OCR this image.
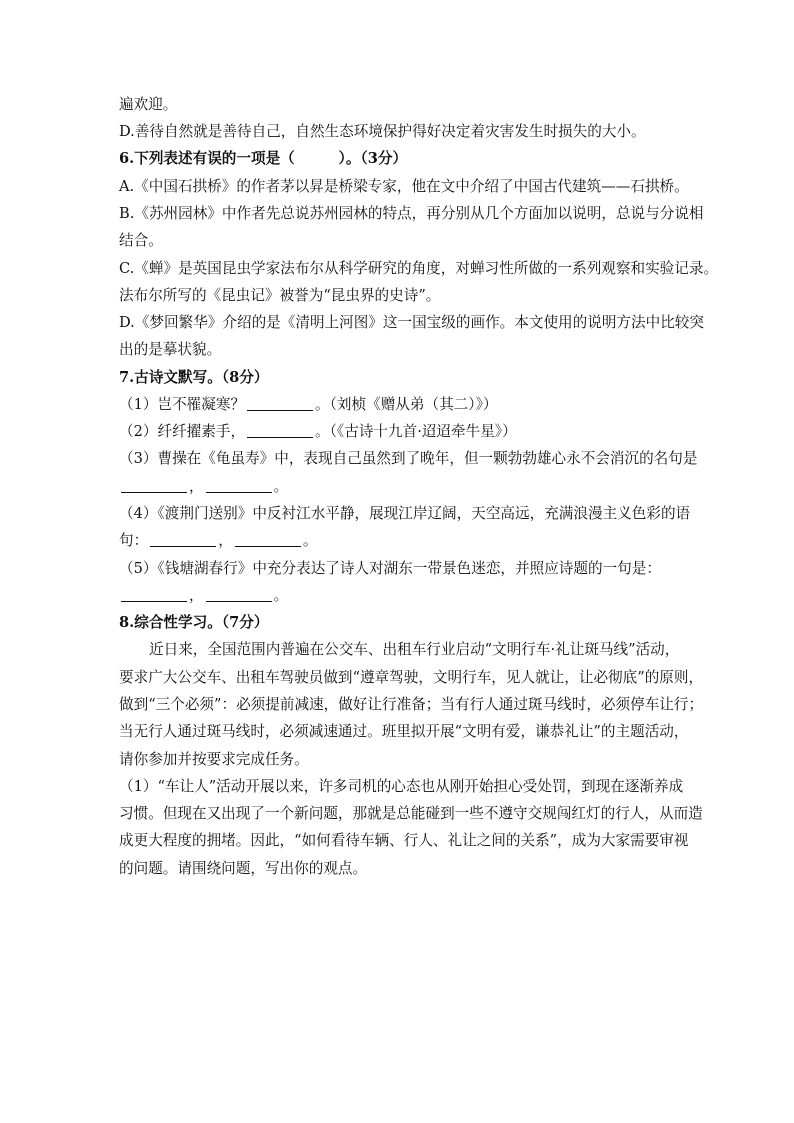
遍欢迎。
D.善待自然就是善待自己，自然生态环境保护得好决定着灾害发生时损失的大小。
6.下列表述有误的一项是（　　　）。（3分）
A.《中国石拱桥》的作者茅以昇是桥梁专家，他在文中介绍了中国古代建筑——石拱桥。
B.《苏州园林》中作者先总说苏州园林的特点，再分别从几个方面加以说明，总说与分说相
结合。
C.《蝉》是英国昆虫学家法布尔从科学研究的角度，对蝉习性所做的一系列观察和实验记录。
法布尔所写的《昆虫记》被誉为“昆虫界的史诗”。
D.《梦回繁华》介绍的是《清明上河图》这一国宝级的画作。本文使用的说明方法中比较突
出的是摹状貌。
7.古诗文默写。（8分）
（1）岂不罹凝寒？	。（刘桢《赠从弟（其二）》）
（2）纤纤擢素手，	。（《古诗十九首·迢迢牵牛星》）
（3）曹操在《龟虽寿》中，表现自己虽然到了晚年，但一颗勃勃雄心永不会消沉的名句是
，	。
（4）《渡荆门送别》中反衬江水平静，展现江岸辽阔，天空高远，充满浪漫主义色彩的语
句：	，	。
（5）《钱塘湖春行》中充分表达了诗人对湖东一带景色迷恋，并照应诗题的一句是：
，	。
8.综合性学习。（7分）
近日来，全国范围内普遍在公交车、出租车行业启动“文明行车·礼让斑马线”活动，
要求广大公交车、出租车驾驶员做到“遵章驾驶，文明行车，见人就让，让必彻底”的原则，
做到“三个必须”：必须提前减速，做好让行准备；当有行人通过斑马线时，必须停车让行；
当无行人通过斑马线时，必须减速通过。班里拟开展“文明有爱，谦恭礼让”的主题活动，
请你参加并按要求完成任务。
（1）“车让人”活动开展以来，许多司机的心态也从刚开始担心受处罚，到现在逐渐养成
习惯。但现在又出现了一个新问题，那就是总能碰到一些不遵守交规闯红灯的行人，从而造
成更大程度的拥堵。因此，“如何看待车辆、行人、礼让之间的关系”，成为大家需要审视
的问题。请围绕问题，写出你的观点。
